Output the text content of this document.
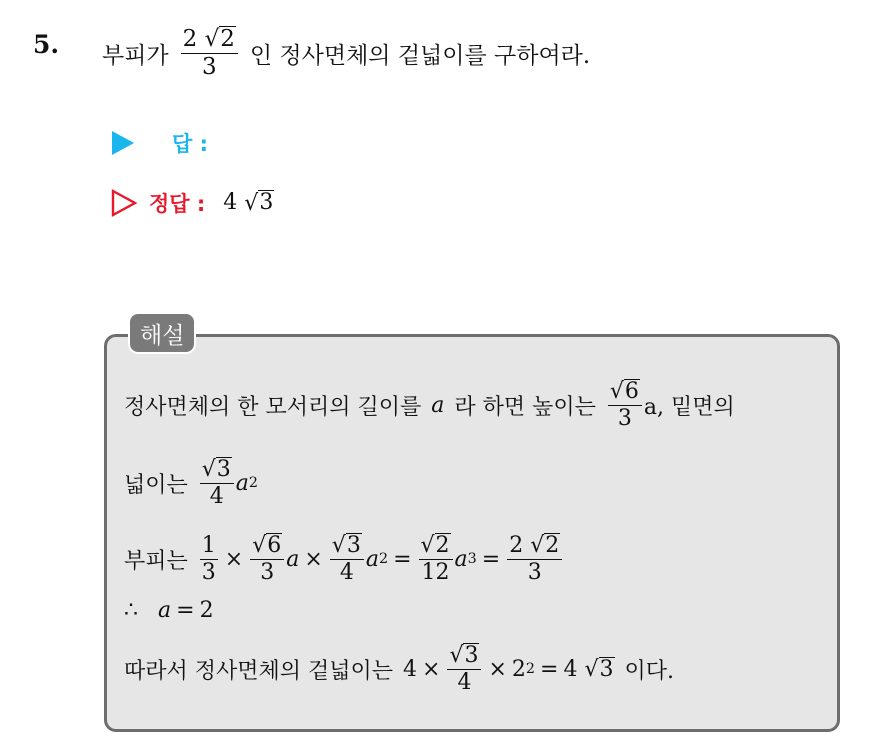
5. 부피가 $\frac{2 √ 2}{3}$ 인 정사면체의 겉넓이를 구하여라.
답 :
정답 : 4 √ 3
해설
정사면체의 한 모서리의 길이를 a 라 하면 높이는 $\frac{√ 6}{3} a$, 밑면의
넓이는 $\frac{√ 3}{4}$ a 2
부피는 $\frac{1}{3} \times \frac{√ 6}{3}$ $a \times \frac{√ 3}{4}$ a $2 = \frac{√ 2}{12}$ a $3 = \frac{2 √ 2}{3}$
∴ a = 2
따라서 정사면체의 겉넓이는 $4 \times \frac{√ 3}{4} \times 2$ 2 = 4
√ 3 이다.
